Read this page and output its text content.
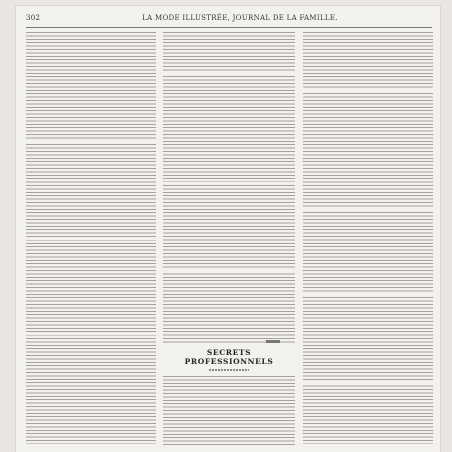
302	LA MODE ILLUSTRÉE, JOURNAL DE LA FAMILLE.
SECRETS PROFESSIONNELS
